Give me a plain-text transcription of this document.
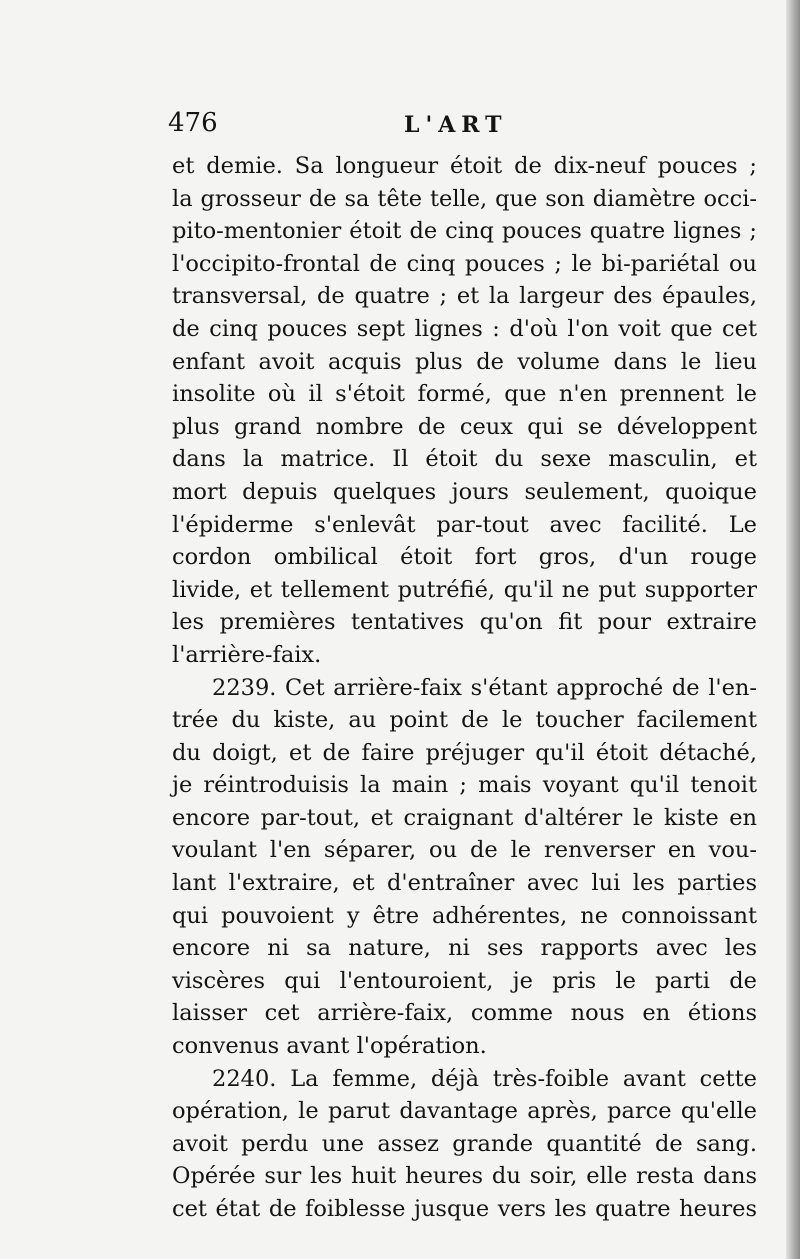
476	L'ART
et demie. Sa longueur étoit de dix-neuf pouces ;
la grosseur de sa tête telle, que son diamètre occi-
pito-mentonier étoit de cinq pouces quatre lignes ;
l'occipito-frontal de cinq pouces ; le bi-pariétal ou
transversal, de quatre ; et la largeur des épaules,
de cinq pouces sept lignes : d'où l'on voit que cet
enfant avoit acquis plus de volume dans le lieu
insolite où il s'étoit formé, que n'en prennent le
plus grand nombre de ceux qui se développent
dans la matrice. Il étoit du sexe masculin, et
mort depuis quelques jours seulement, quoique
l'épiderme s'enlevât par-tout avec facilité. Le
cordon ombilical étoit fort gros, d'un rouge
livide, et tellement putréfié, qu'il ne put supporter
les premières tentatives qu'on fit pour extraire
l'arrière-faix.
2239. Cet arrière-faix s'étant approché de l'en-
trée du kiste, au point de le toucher facilement
du doigt, et de faire préjuger qu'il étoit détaché,
je réintroduisis la main ; mais voyant qu'il tenoit
encore par-tout, et craignant d'altérer le kiste en
voulant l'en séparer, ou de le renverser en vou-
lant l'extraire, et d'entraîner avec lui les parties
qui pouvoient y être adhérentes, ne connoissant
encore ni sa nature, ni ses rapports avec les
viscères qui l'entouroient, je pris le parti de
laisser cet arrière-faix, comme nous en étions
convenus avant l'opération.
2240. La femme, déjà très-foible avant cette
opération, le parut davantage après, parce qu'elle
avoit perdu une assez grande quantité de sang.
Opérée sur les huit heures du soir, elle resta dans
cet état de foiblesse jusque vers les quatre heures
